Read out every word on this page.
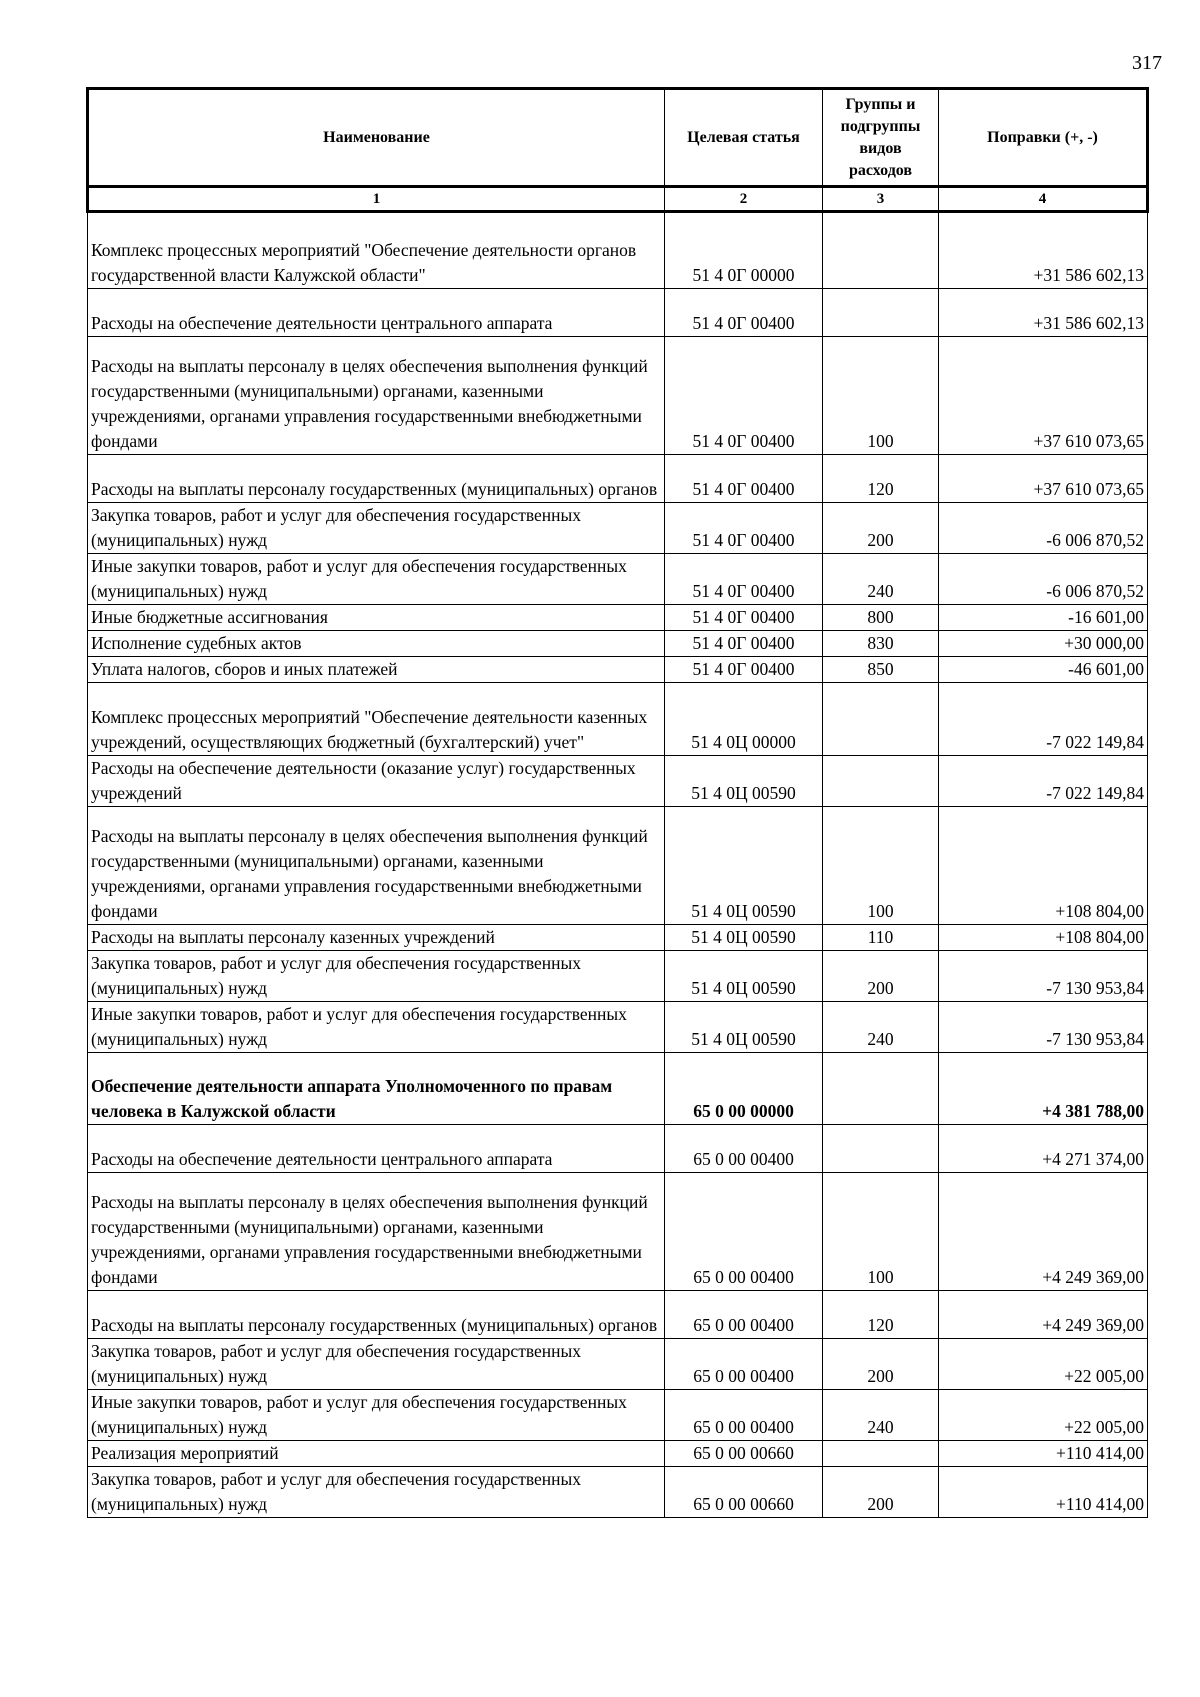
317
Наименование	Целевая статья	Группы и подгруппы видов расходов	Поправки (+, -)
1	2	3	4
Комплекс процессных мероприятий "Обеспечение деятельности органов государственной власти Калужской области"	51 4 0Г 00000		+31 586 602,13
Расходы на обеспечение деятельности центрального аппарата	51 4 0Г 00400		+31 586 602,13
Расходы на выплаты персоналу в целях обеспечения выполнения функций государственными (муниципальными) органами, казенными учреждениями, органами управления государственными внебюджетными фондами	51 4 0Г 00400	100	+37 610 073,65
Расходы на выплаты персоналу государственных (муниципальных) органов	51 4 0Г 00400	120	+37 610 073,65
Закупка товаров, работ и услуг для обеспечения государственных (муниципальных) нужд	51 4 0Г 00400	200	-6 006 870,52
Иные закупки товаров, работ и услуг для обеспечения государственных (муниципальных) нужд	51 4 0Г 00400	240	-6 006 870,52
Иные бюджетные ассигнования	51 4 0Г 00400	800	-16 601,00
Исполнение судебных актов	51 4 0Г 00400	830	+30 000,00
Уплата налогов, сборов и иных платежей	51 4 0Г 00400	850	-46 601,00
Комплекс процессных мероприятий "Обеспечение деятельности казенных учреждений, осуществляющих бюджетный (бухгалтерский) учет"	51 4 0Ц 00000		-7 022 149,84
Расходы на обеспечение деятельности (оказание услуг) государственных учреждений	51 4 0Ц 00590		-7 022 149,84
Расходы на выплаты персоналу в целях обеспечения выполнения функций государственными (муниципальными) органами, казенными учреждениями, органами управления государственными внебюджетными фондами	51 4 0Ц 00590	100	+108 804,00
Расходы на выплаты персоналу казенных учреждений	51 4 0Ц 00590	110	+108 804,00
Закупка товаров, работ и услуг для обеспечения государственных (муниципальных) нужд	51 4 0Ц 00590	200	-7 130 953,84
Иные закупки товаров, работ и услуг для обеспечения государственных (муниципальных) нужд	51 4 0Ц 00590	240	-7 130 953,84
Обеспечение деятельности аппарата Уполномоченного по правам человека в Калужской области	65 0 00 00000		+4 381 788,00
Расходы на обеспечение деятельности центрального аппарата	65 0 00 00400		+4 271 374,00
Расходы на выплаты персоналу в целях обеспечения выполнения функций государственными (муниципальными) органами, казенными учреждениями, органами управления государственными внебюджетными фондами	65 0 00 00400	100	+4 249 369,00
Расходы на выплаты персоналу государственных (муниципальных) органов	65 0 00 00400	120	+4 249 369,00
Закупка товаров, работ и услуг для обеспечения государственных (муниципальных) нужд	65 0 00 00400	200	+22 005,00
Иные закупки товаров, работ и услуг для обеспечения государственных (муниципальных) нужд	65 0 00 00400	240	+22 005,00
Реализация мероприятий	65 0 00 00660		+110 414,00
Закупка товаров, работ и услуг для обеспечения государственных (муниципальных) нужд	65 0 00 00660	200	+110 414,00
